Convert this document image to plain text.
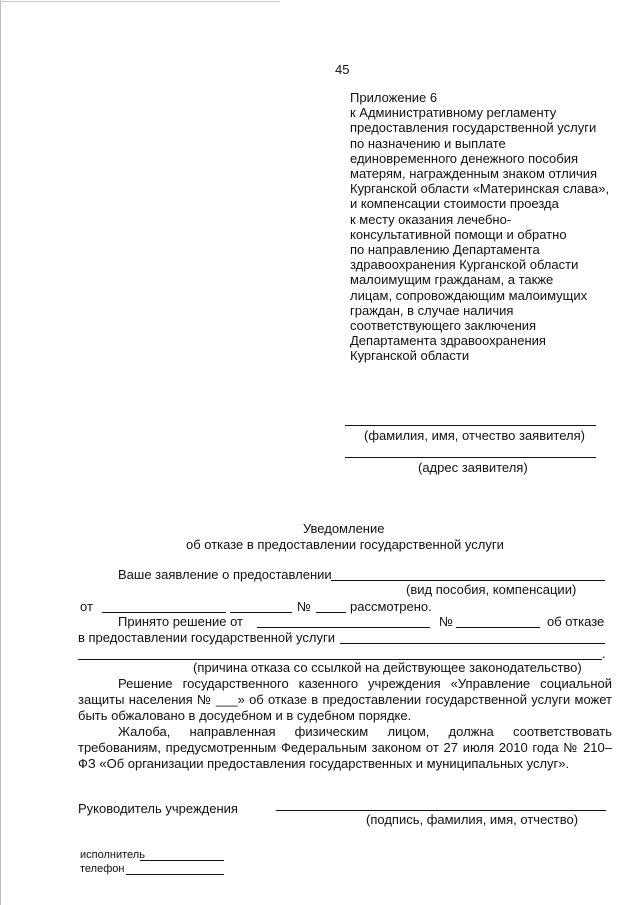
45
Приложение 6
к Административному регламенту
предоставления государственной услуги
по назначению и выплате
единовременного денежного пособия
матерям, награжденным знаком отличия
Курганской области «Материнская слава»,
и компенсации стоимости проезда
к месту оказания лечебно-
консультативной помощи и обратно
по направлению Департамента
здравоохранения Курганской области
малоимущим гражданам, а также
лицам, сопровождающим малоимущих
граждан, в случае наличия
соответствующего заключения
Департамента здравоохранения
Курганской области
(фамилия, имя, отчество заявителя)
(адрес заявителя)
Уведомление
об отказе в предоставлении государственной услуги
Ваше заявление о предоставлении
(вид пособия, компенсации)
от	№	рассмотрено.
Принято решение от	№	об отказе
в предоставлении государственной услуги
.
(причина отказа со ссылкой на действующее законодательство)
Решение государственного казенного учреждения «Управление социальной защиты населения № ___» об отказе в предоставлении государственной услуги может быть обжаловано в досудебном и в судебном порядке.
Жалоба, направленная физическим лицом, должна соответствовать требованиям, предусмотренным Федеральным законом от 27 июля 2010 года № 210–ФЗ «Об организации предоставления государственных и муниципальных услуг».
Руководитель учреждения
(подпись, фамилия, имя, отчество)
исполнитель
телефон
